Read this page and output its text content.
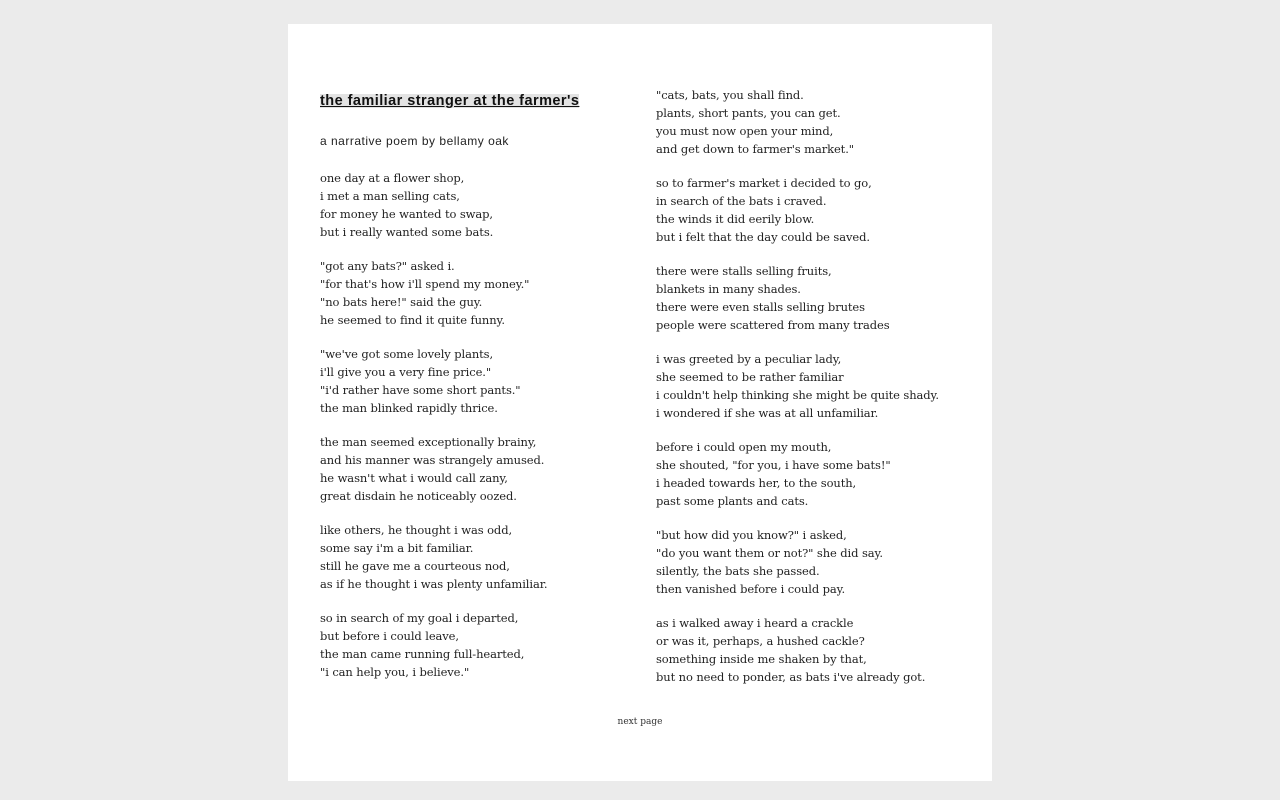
the familiar stranger at the farmer's
a narrative poem by bellamy oak
one day at a flower shop,
i met a man selling cats,
for money he wanted to swap,
but i really wanted some bats.
"got any bats?" asked i.
"for that's how i'll spend my money."
"no bats here!" said the guy.
he seemed to find it quite funny.
"we've got some lovely plants,
i'll give you a very fine price."
"i'd rather have some short pants."
the man blinked rapidly thrice.
the man seemed exceptionally brainy,
and his manner was strangely amused.
he wasn't what i would call zany,
great disdain he noticeably oozed.
like others, he thought i was odd,
some say i'm a bit familiar.
still he gave me a courteous nod,
as if he thought i was plenty unfamiliar.
so in search of my goal i departed,
but before i could leave,
the man came running full-hearted,
"i can help you, i believe."
"cats, bats, you shall find.
plants, short pants, you can get.
you must now open your mind,
and get down to farmer's market."
so to farmer's market i decided to go,
in search of the bats i craved.
the winds it did eerily blow.
but i felt that the day could be saved.
there were stalls selling fruits,
blankets in many shades.
there were even stalls selling brutes
people were scattered from many trades
i was greeted by a peculiar lady,
she seemed to be rather familiar
i couldn't help thinking she might be quite shady.
i wondered if she was at all unfamiliar.
before i could open my mouth,
she shouted, "for you, i have some bats!"
i headed towards her, to the south,
past some plants and cats.
"but how did you know?" i asked,
"do you want them or not?" she did say.
silently, the bats she passed.
then vanished before i could pay.
as i walked away i heard a crackle
or was it, perhaps, a hushed cackle?
something inside me shaken by that,
but no need to ponder, as bats i've already got.
next page
